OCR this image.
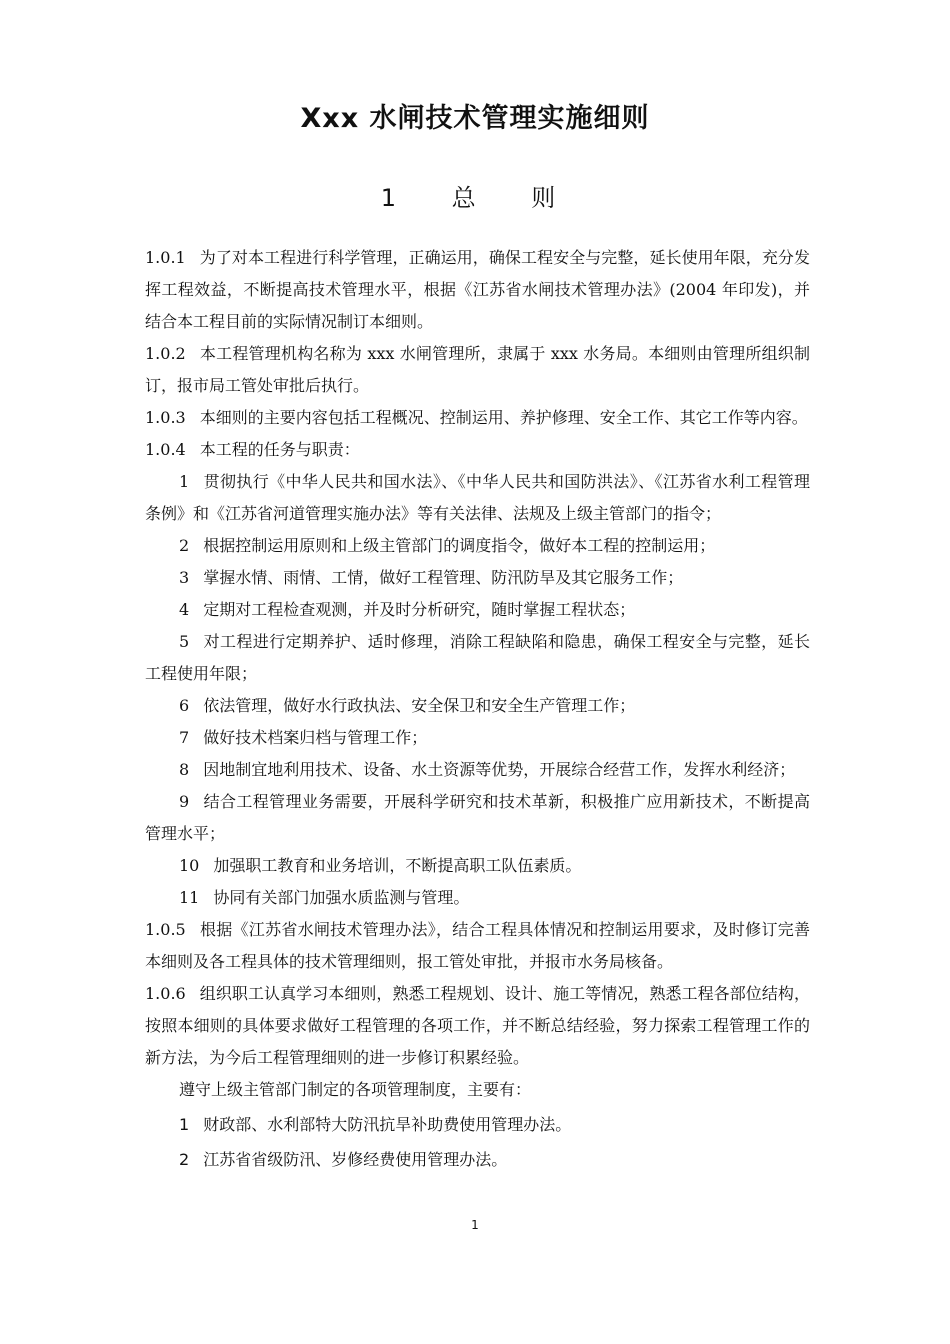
Xxx 水闸技术管理实施细则
1 总 则

1.0.1 为了对本工程进行科学管理，正确运用，确保工程安全与完整，延长使用年限，充分发挥工程效益，不断提高技术管理水平，根据《江苏省水闸技术管理办法》(2004 年印发)，并结合本工程目前的实际情况制订本细则。

1.0.2 本工程管理机构名称为 xxx 水闸管理所，隶属于 xxx 水务局。本细则由管理所组织制订，报市局工管处审批后执行。

1.0.3 本细则的主要内容包括工程概况、控制运用、养护修理、安全工作、其它工作等内容。

1.0.4 本工程的任务与职责：

1 贯彻执行《中华人民共和国水法》、《中华人民共和国防洪法》、《江苏省水利工程管理条例》和《江苏省河道管理实施办法》等有关法律、法规及上级主管部门的指令；

2 根据控制运用原则和上级主管部门的调度指令，做好本工程的控制运用；

3 掌握水情、雨情、工情，做好工程管理、防汛防旱及其它服务工作；

4 定期对工程检查观测，并及时分析研究，随时掌握工程状态；

5 对工程进行定期养护、适时修理，消除工程缺陷和隐患，确保工程安全与完整，延长工程使用年限；

6 依法管理，做好水行政执法、安全保卫和安全生产管理工作；

7 做好技术档案归档与管理工作；

8 因地制宜地利用技术、设备、水土资源等优势，开展综合经营工作，发挥水利经济；

9 结合工程管理业务需要，开展科学研究和技术革新，积极推广应用新技术，不断提高管理水平；

10 加强职工教育和业务培训，不断提高职工队伍素质。

11 协同有关部门加强水质监测与管理。

1.0.5 根据《江苏省水闸技术管理办法》，结合工程具体情况和控制运用要求，及时修订完善本细则及各工程具体的技术管理细则，报工管处审批，并报市水务局核备。

1.0.6 组织职工认真学习本细则，熟悉工程规划、设计、施工等情况，熟悉工程各部位结构，按照本细则的具体要求做好工程管理的各项工作，并不断总结经验，努力探索工程管理工作的新方法，为今后工程管理细则的进一步修订积累经验。

遵守上级主管部门制定的各项管理制度，主要有：

1 财政部、水利部特大防汛抗旱补助费使用管理办法。

2 江苏省省级防汛、岁修经费使用管理办法。

1
